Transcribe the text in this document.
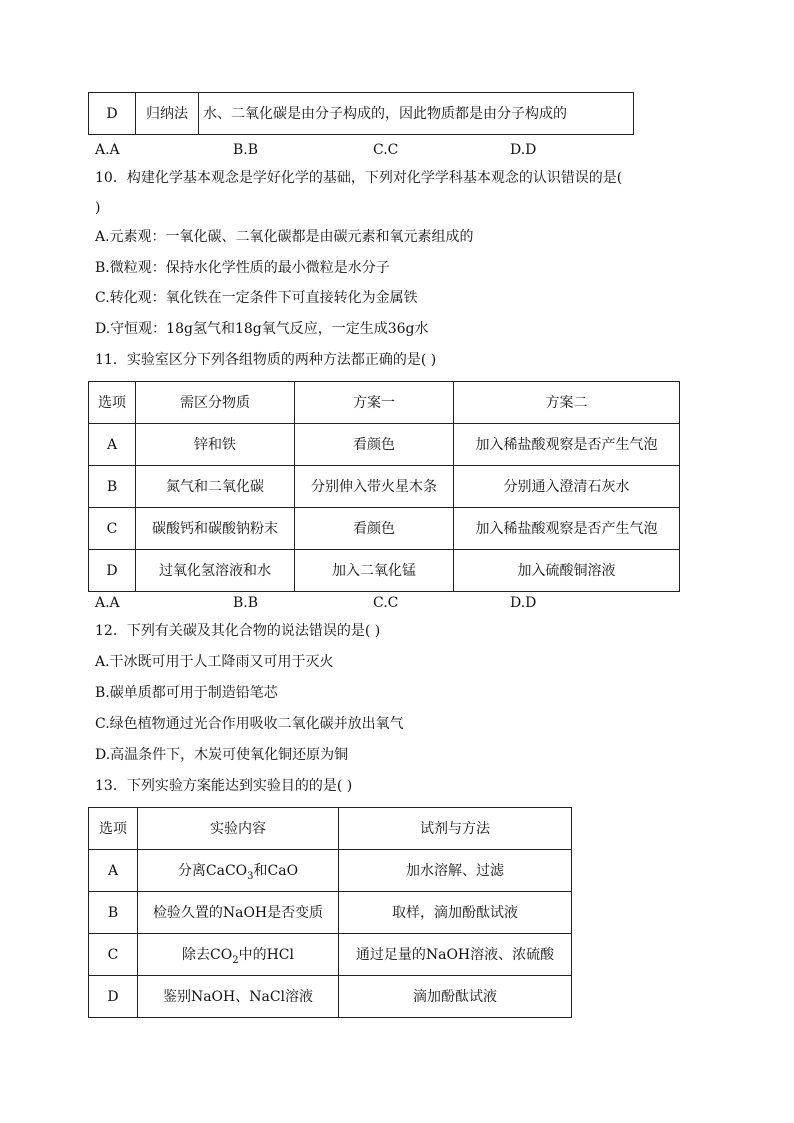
D	归纳法	水、二氧化碳是由分子构成的，因此物质都是由分子构成的
A.A	B.B	C.C	D.D
10．构建化学基本观念是学好化学的基础，下列对化学学科基本观念的认识错误的是(
)
A.元素观：一氧化碳、二氧化碳都是由碳元素和氧元素组成的
B.微粒观：保持水化学性质的最小微粒是水分子
C.转化观：氧化铁在一定条件下可直接转化为金属铁
D.守恒观：18g氢气和18g氧气反应，一定生成36g水
11．实验室区分下列各组物质的两种方法都正确的是( )
选项	需区分物质	方案一	方案二
A	锌和铁	看颜色	加入稀盐酸观察是否产生气泡
B	氮气和二氧化碳	分别伸入带火星木条	分别通入澄清石灰水
C	碳酸钙和碳酸钠粉末	看颜色	加入稀盐酸观察是否产生气泡
D	过氧化氢溶液和水	加入二氧化锰	加入硫酸铜溶液
A.A	B.B	C.C	D.D
12．下列有关碳及其化合物的说法错误的是( )
A.干冰既可用于人工降雨又可用于灭火
B.碳单质都可用于制造铅笔芯
C.绿色植物通过光合作用吸收二氧化碳并放出氧气
D.高温条件下，木炭可使氧化铜还原为铜
13．下列实验方案能达到实验目的的是( )
选项	实验内容	试剂与方法
A	分离CaCO$_3$和CaO	加水溶解、过滤
B	检验久置的NaOH是否变质	取样，滴加酚酞试液
C	除去$CO_2$中的HCl	通过足量的NaOH溶液、浓硫酸
D	鉴别NaOH、NaCl溶液	滴加酚酞试液
